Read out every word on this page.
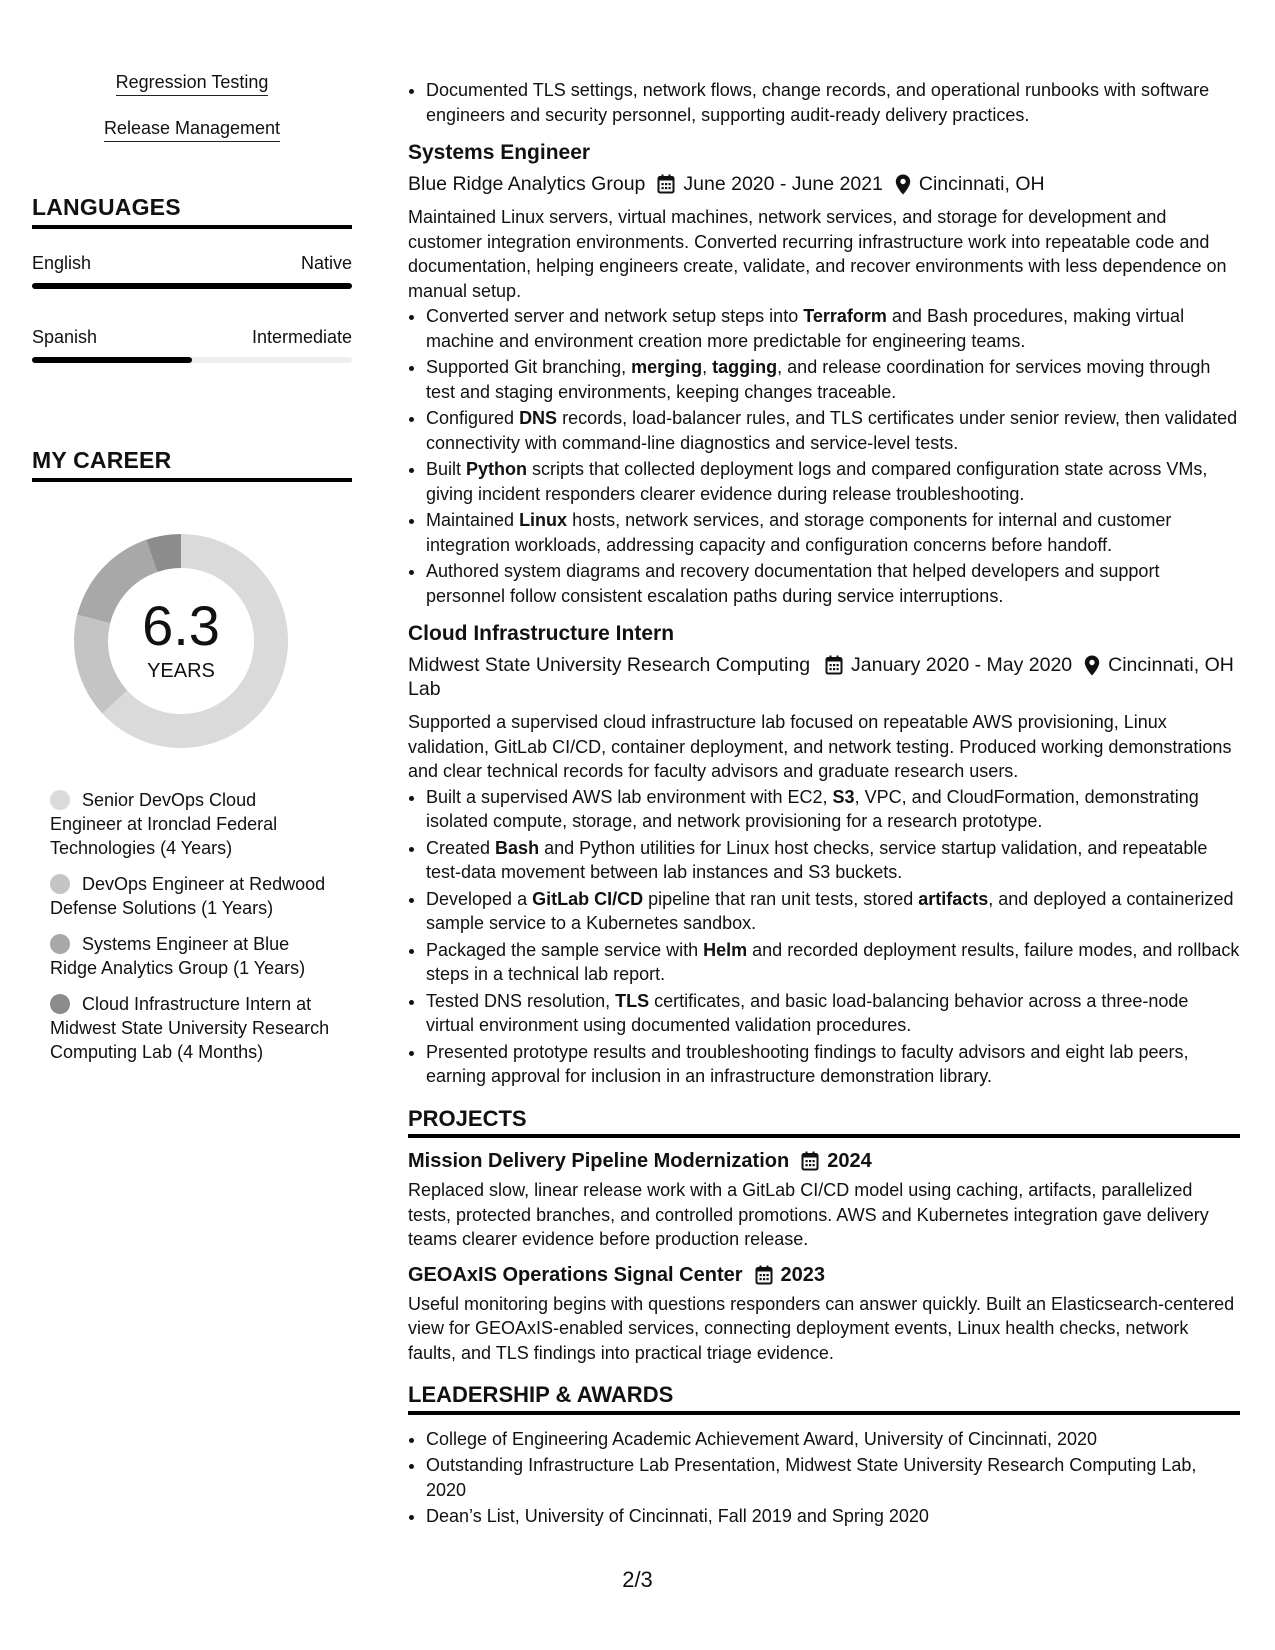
Regression Testing
Release Management
LANGUAGES
English	Native
Spanish	Intermediate
MY CAREER
6.3
YEARS
Senior DevOps Cloud Engineer at Ironclad Federal Technologies (4 Years)
DevOps Engineer at Redwood Defense Solutions (1 Years)
Systems Engineer at Blue Ridge Analytics Group (1 Years)
Cloud Infrastructure Intern at Midwest State University Research Computing Lab (4 Months)
• Documented TLS settings, network flows, change records, and operational runbooks with software engineers and security personnel, supporting audit-ready delivery practices.
Systems Engineer
Blue Ridge Analytics Group June 2020 - June 2021 Cincinnati, OH

Maintained Linux servers, virtual machines, network services, and storage for development and customer integration environments. Converted recurring infrastructure work into repeatable code and documentation, helping engineers create, validate, and recover environments with less dependence on manual setup.

• Converted server and network setup steps into Terraform and Bash procedures, making virtual machine and environment creation more predictable for engineering teams.
• Supported Git branching, merging, tagging, and release coordination for services moving through test and staging environments, keeping changes traceable.
• Configured DNS records, load-balancer rules, and TLS certificates under senior review, then validated connectivity with command-line diagnostics and service-level tests.
• Built Python scripts that collected deployment logs and compared configuration state across VMs, giving incident responders clearer evidence during release troubleshooting.
• Maintained Linux hosts, network services, and storage components for internal and customer integration workloads, addressing capacity and configuration concerns before handoff.
• Authored system diagrams and recovery documentation that helped developers and support personnel follow consistent escalation paths during service interruptions.
Cloud Infrastructure Intern
Midwest State University Research Computing Lab
January 2020 - May 2020 Cincinnati, OH

Supported a supervised cloud infrastructure lab focused on repeatable AWS provisioning, Linux validation, GitLab CI/CD, container deployment, and network testing. Produced working demonstrations and clear technical records for faculty advisors and graduate research users.

• Built a supervised AWS lab environment with EC2, S3, VPC, and CloudFormation, demonstrating isolated compute, storage, and network provisioning for a research prototype.
• Created Bash and Python utilities for Linux host checks, service startup validation, and repeatable test-data movement between lab instances and S3 buckets.
• Developed a GitLab CI/CD pipeline that ran unit tests, stored artifacts, and deployed a containerized sample service to a Kubernetes sandbox.
• Packaged the sample service with Helm and recorded deployment results, failure modes, and rollback steps in a technical lab report.
• Tested DNS resolution, TLS certificates, and basic load-balancing behavior across a three-node virtual environment using documented validation procedures.
• Presented prototype results and troubleshooting findings to faculty advisors and eight lab peers, earning approval for inclusion in an infrastructure demonstration library.
PROJECTS
Mission Delivery Pipeline Modernization 2024

Replaced slow, linear release work with a GitLab CI/CD model using caching, artifacts, parallelized tests, protected branches, and controlled promotions. AWS and Kubernetes integration gave delivery teams clearer evidence before production release.

GEOAxIS Operations Signal Center 2023

Useful monitoring begins with questions responders can answer quickly. Built an Elasticsearch-centered view for GEOAxIS-enabled services, connecting deployment events, Linux health checks, network faults, and TLS findings into practical triage evidence.

LEADERSHIP & AWARDS
• College of Engineering Academic Achievement Award, University of Cincinnati, 2020
• Outstanding Infrastructure Lab Presentation, Midwest State University Research Computing Lab, 2020
• Dean’s List, University of Cincinnati, Fall 2019 and Spring 2020
2/3
